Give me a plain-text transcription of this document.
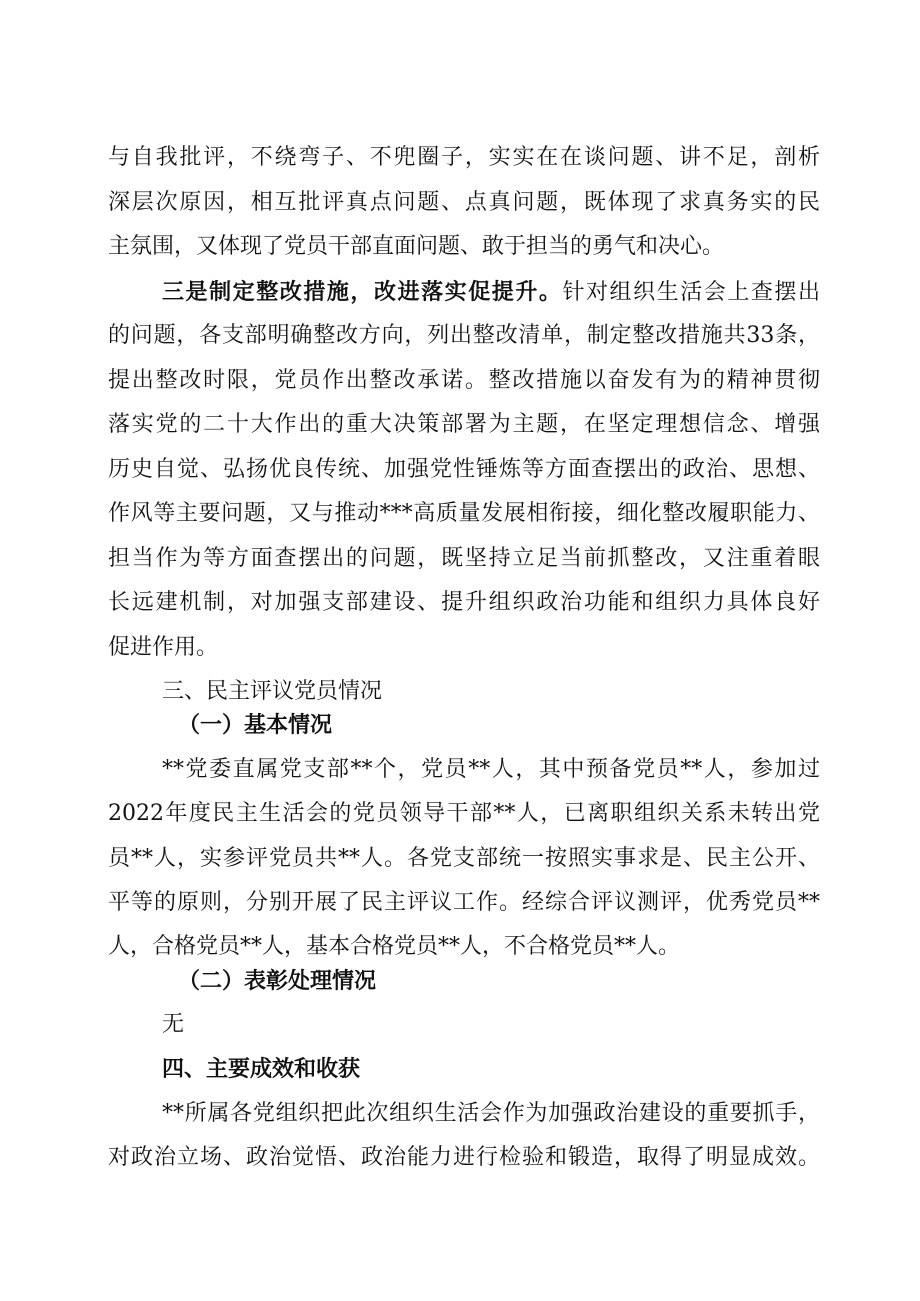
与自我批评，不绕弯子、不兜圈子，实实在在谈问题、讲不足，剖析
深层次原因，相互批评真点问题、点真问题，既体现了求真务实的民
主氛围，又体现了党员干部直面问题、敢于担当的勇气和决心。
三是制定整改措施，改进落实促提升。针对组织生活会上查摆出
的问题，各支部明确整改方向，列出整改清单，制定整改措施共33条，
提出整改时限，党员作出整改承诺。整改措施以奋发有为的精神贯彻
落实党的二十大作出的重大决策部署为主题，在坚定理想信念、增强
历史自觉、弘扬优良传统、加强党性锤炼等方面查摆出的政治、思想、
作风等主要问题，又与推动***高质量发展相衔接，细化整改履职能力、
担当作为等方面查摆出的问题，既坚持立足当前抓整改，又注重着眼
长远建机制，对加强支部建设、提升组织政治功能和组织力具体良好
促进作用。
三、民主评议党员情况
（一）基本情况
**党委直属党支部**个，党员**人，其中预备党员**人，参加过
2022年度民主生活会的党员领导干部**人，已离职组织关系未转出党
员**人，实参评党员共**人。各党支部统一按照实事求是、民主公开、
平等的原则，分别开展了民主评议工作。经综合评议测评，优秀党员**
人，合格党员**人，基本合格党员**人，不合格党员**人。
（二）表彰处理情况
无
四、主要成效和收获
**所属各党组织把此次组织生活会作为加强政治建设的重要抓手，
对政治立场、政治觉悟、政治能力进行检验和锻造，取得了明显成效。
